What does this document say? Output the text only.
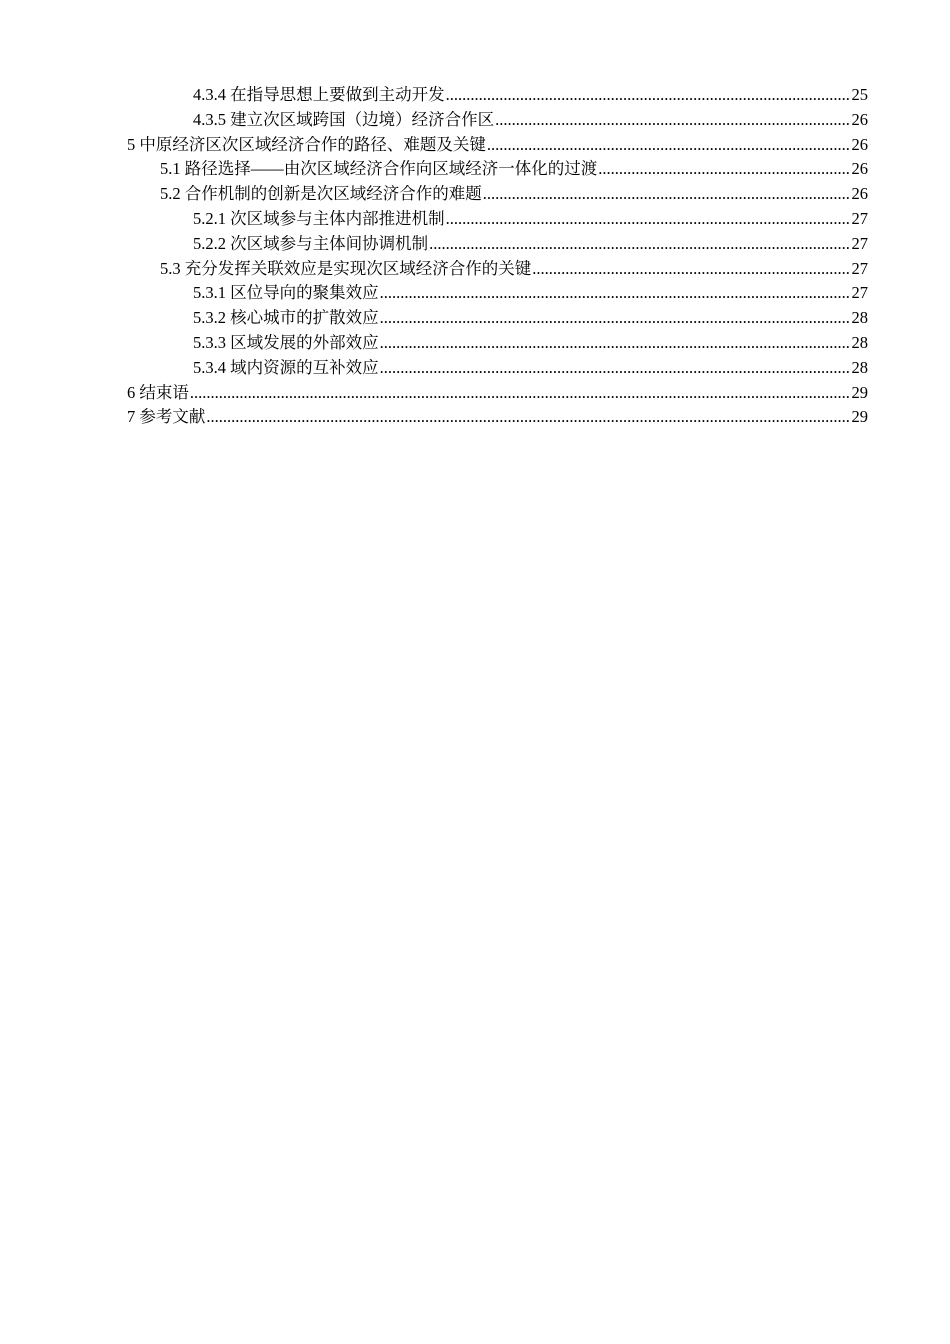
4.3.4 在指导思想上要做到主动开发 .....	25
4.3.5 建立次区域跨国（边境）经济合作区 .....	26
5 中原经济区次区域经济合作的路径、难题及关键 .....	26
5.1 路径选择——由次区域经济合作向区域经济一体化的过渡 .....	26
5.2 合作机制的创新是次区域经济合作的难题 .....	26
5.2.1 次区域参与主体内部推进机制 .....	27
5.2.2 次区域参与主体间协调机制 .....	27
5.3 充分发挥关联效应是实现次区域经济合作的关键 .....	27
5.3.1 区位导向的聚集效应 .....	27
5.3.2 核心城市的扩散效应 .....	28
5.3.3 区域发展的外部效应 .....	28
5.3.4 域内资源的互补效应 .....	28
6 结束语 .....	29
7 参考文献 .....	29
